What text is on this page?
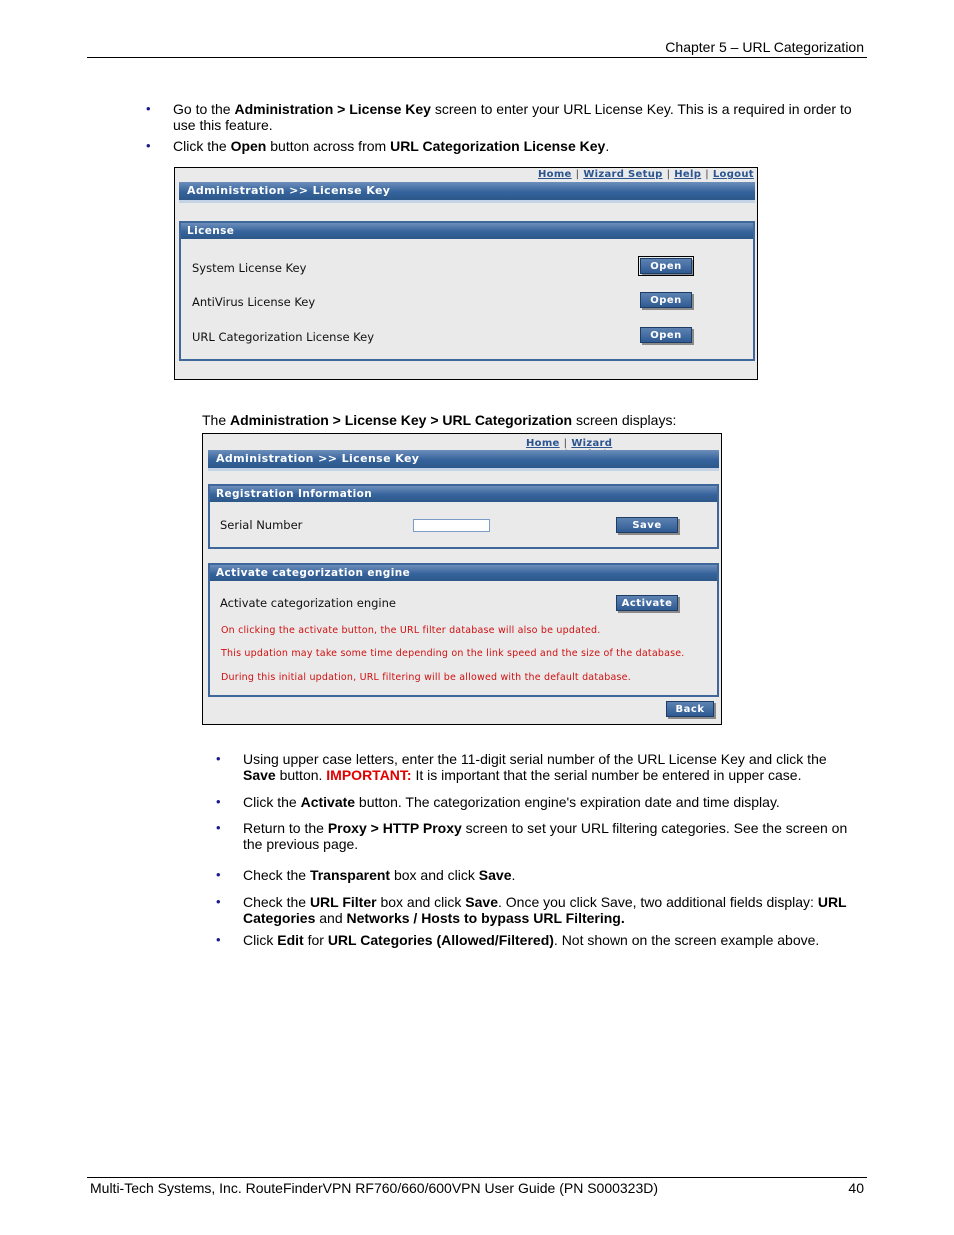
Chapter 5 – URL Categorization
• Go to the Administration > License Key screen to enter your URL License Key. This is a required in order to
use this feature.
• Click the Open button across from URL Categorization License Key.
Home | Wizard Setup | Help | Logout
Administration >> License Key
License
System License Key	Open
AntiVirus License Key	Open
URL Categorization License Key	Open
The Administration > License Key > URL Categorization screen displays:
Home | Wizard
Administration >> License Key
Registration Information
Serial Number	Save
Activate categorization engine
Activate categorization engine	Activate
On clicking the activate button, the URL filter database will also be updated.
This updation may take some time depending on the link speed and the size of the database.
During this initial updation, URL filtering will be allowed with the default database.
Back
• Using upper case letters, enter the 11-digit serial number of the URL License Key and click the
Save button. IMPORTANT: It is important that the serial number be entered in upper case.
• Click the Activate button. The categorization engine's expiration date and time display.
• Return to the Proxy > HTTP Proxy screen to set your URL filtering categories. See the screen on
the previous page.
• Check the Transparent box and click Save.
• Check the URL Filter box and click Save. Once you click Save, two additional fields display: URL
Categories and Networks / Hosts to bypass URL Filtering.
• Click Edit for URL Categories (Allowed/Filtered). Not shown on the screen example above.
Multi-Tech Systems, Inc. RouteFinderVPN RF760/660/600VPN User Guide (PN S000323D)	40
